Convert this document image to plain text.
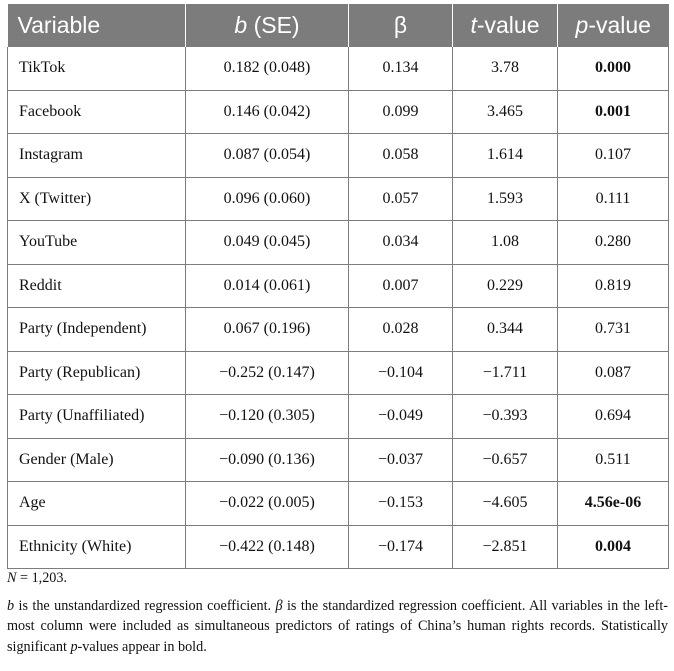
Variable	b (SE)	β	t-value	p-value
TikTok	0.182 (0.048)	0.134	3.78	0.000
Facebook	0.146 (0.042)	0.099	3.465	0.001
Instagram	0.087 (0.054)	0.058	1.614	0.107
X (Twitter)	0.096 (0.060)	0.057	1.593	0.111
YouTube	0.049 (0.045)	0.034	1.08	0.280
Reddit	0.014 (0.061)	0.007	0.229	0.819
Party (Independent)	0.067 (0.196)	0.028	0.344	0.731
Party (Republican)	−0.252 (0.147)	−0.104	−1.711	0.087
Party (Unaffiliated)	−0.120 (0.305)	−0.049	−0.393	0.694
Gender (Male)	−0.090 (0.136)	−0.037	−0.657	0.511
Age	−0.022 (0.005)	−0.153	−4.605	4.56e-06
Ethnicity (White)	−0.422 (0.148)	−0.174	−2.851	0.004

N = 1,203.

b is the unstandardized regression coefficient. β is the standardized regression coefficient. All variables in the left-most column were included as simultaneous predictors of ratings of China’s human rights records. Statistically significant p-values appear in bold.
